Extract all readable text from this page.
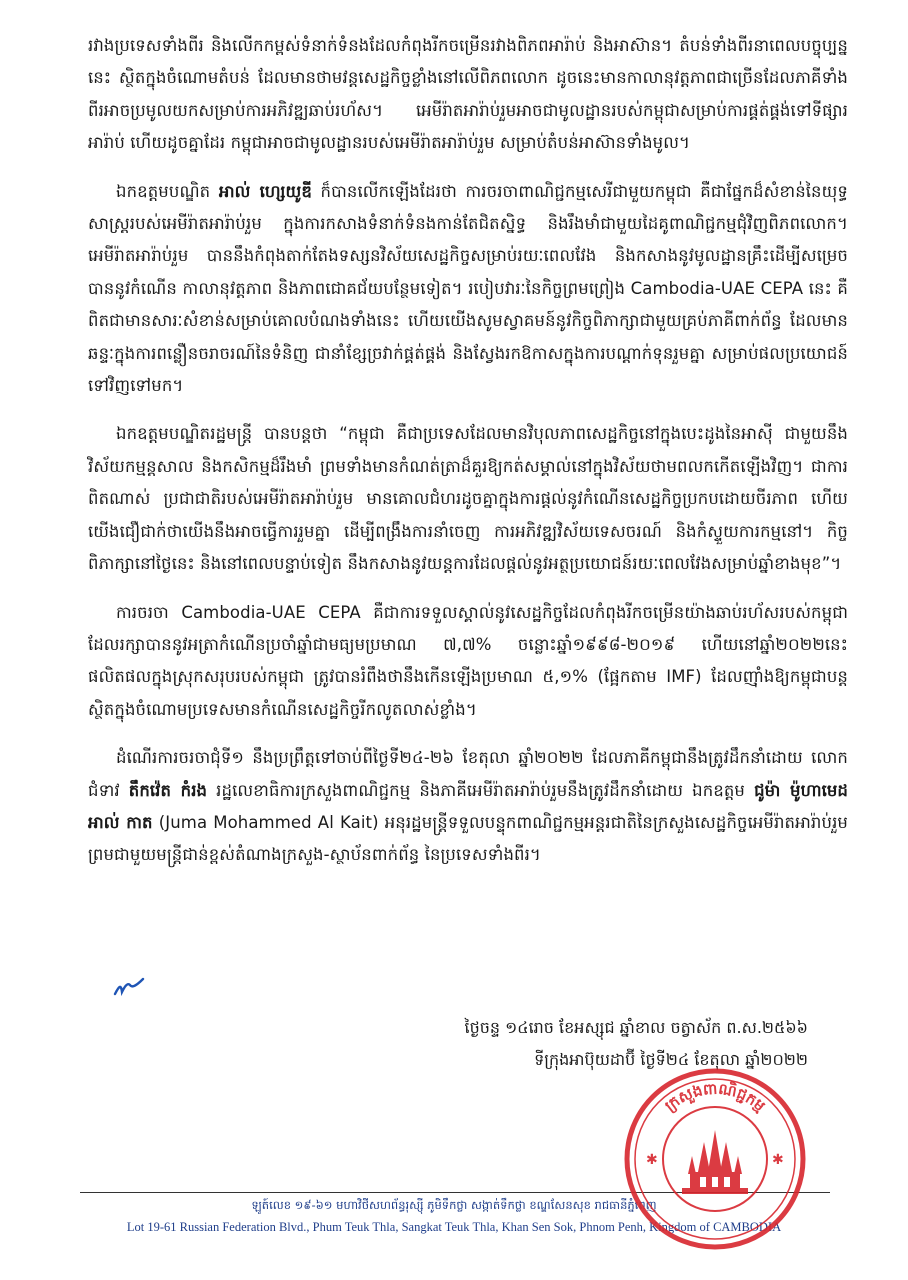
រវាងប្រទេសទាំងពីរ និងលើកកម្ពស់ទំនាក់ទំនងដែលកំពុងរីកចម្រើនរវាងពិភពអារ៉ាប់ និងអាស៊ាន។ តំបន់ទាំងពីរនាពេលបច្ចុប្បន្ននេះ ស្ថិតក្នុងចំណោមតំបន់ ដែលមានថាមវន្តសេដ្ឋកិច្ចខ្លាំងនៅលើពិភពលោក ដូចនេះមានកាលានុវត្តភាពជាច្រើនដែលភាគីទាំងពីរអាចប្រមូលយកសម្រាប់ការអភិវឌ្ឍឆាប់រហ័ស។ អេមីរ៉ាតអារ៉ាប់រួមអាចជាមូលដ្ឋានរបស់កម្ពុជាសម្រាប់ការផ្គត់ផ្គង់ទៅទីផ្សារអារ៉ាប់ ហើយដូចគ្នាដែរ កម្ពុជាអាចជាមូលដ្ឋានរបស់អេមីរ៉ាតអារ៉ាប់រួម សម្រាប់តំបន់អាស៊ានទាំងមូល។

ឯកឧត្តមបណ្ឌិត អាល់ ហ្សេយូឌី ក៏បានលើកឡើងដែរថា ការចរចាពាណិជ្ជកម្មសេរីជាមួយកម្ពុជា គឺជាផ្នែកដ៏សំខាន់នៃយុទ្ធសាស្ត្ររបស់អេមីរ៉ាតអារ៉ាប់រួម ក្នុងការកសាងទំនាក់ទំនងកាន់តែជិតស្និទ្ធ និងរឹងមាំជាមួយដៃគូពាណិជ្ជកម្មជុំវិញពិភពលោក។ អេមីរ៉ាតអារ៉ាប់រួម បាននឹងកំពុងតាក់តែងទស្សនវិស័យសេដ្ឋកិច្ចសម្រាប់រយៈពេលវែង និងកសាងនូវមូលដ្ឋានគ្រឹះដើម្បីសម្រេចបាននូវកំណើន កាលានុវត្តភាព និងភាពជោគជ័យបន្ថែមទៀត។ របៀបវារៈនៃកិច្ចព្រមព្រៀង Cambodia-UAE CEPA នេះ គឺពិតជាមានសារៈសំខាន់សម្រាប់គោលបំណងទាំងនេះ ហើយយើងសូមស្វាគមន៍នូវកិច្ចពិភាក្សាជាមួយគ្រប់ភាគីពាក់ព័ន្ធ ដែលមានឆន្ទៈក្នុងការពន្លឿនចរាចរណ៍នៃទំនិញ ជានាំខ្សែច្រវាក់ផ្គត់ផ្គង់ និងស្វែងរកឱកាសក្នុងការបណ្តាក់ទុនរួមគ្នា សម្រាប់ផលប្រយោជន៍ទៅវិញទៅមក។

ឯកឧត្តមបណ្ឌិតរដ្ឋមន្ត្រី បានបន្តថា “កម្ពុជា គឺជាប្រទេសដែលមានវិបុលភាពសេដ្ឋកិច្ចនៅក្នុងបេះដូងនៃអាស៊ី ជាមួយនឹងវិស័យកម្មន្តសាល និងកសិកម្មដ៏រឹងមាំ ព្រមទាំងមានកំណត់ត្រាដ៏គួរឱ្យកត់សម្គាល់នៅក្នុងវិស័យថាមពលកកើតឡើងវិញ។ ជាការពិតណាស់ ប្រជាជាតិរបស់អេមីរ៉ាតអារ៉ាប់រួម មានគោលជំហរដូចគ្នាក្នុងការផ្តល់នូវកំណើនសេដ្ឋកិច្ចប្រកបដោយចីរភាព ហើយយើងជឿជាក់ថាយើងនឹងអាចធ្វើការរួមគ្នា ដើម្បីពង្រឹងការនាំចេញ ការអភិវឌ្ឍវិស័យទេសចរណ៍ និងកំស្ទួយការកម្មនៅ។ កិច្ចពិភាក្សានៅថ្ងៃនេះ និងនៅពេលបន្ទាប់ទៀត នឹងកសាងនូវយន្តការដែលផ្តល់នូវអត្ថប្រយោជន៍រយៈពេលវែងសម្រាប់ឆ្នាំខាងមុខ”។

ការចរចា Cambodia-UAE CEPA គឺជាការទទួលស្គាល់នូវសេដ្ឋកិច្ចដែលកំពុងរីកចម្រើនយ៉ាងឆាប់រហ័សរបស់កម្ពុជាដែលរក្សាបាននូវអត្រាកំណើនប្រចាំឆ្នាំជាមធ្យមប្រមាណ ៧,៧% ចន្លោះឆ្នាំ១៩៩៨-២០១៩ ហើយនៅឆ្នាំ២០២២នេះ ផលិតផលក្នុងស្រុកសរុបរបស់កម្ពុជា ត្រូវបានរំពឹងថានឹងកើនឡើងប្រមាណ ៥,១% (ផ្អែកតាម IMF) ដែលញ៉ាំងឱ្យកម្ពុជាបន្តស្ថិតក្នុងចំណោមប្រទេសមានកំណើនសេដ្ឋកិច្ចរីកលូតលាស់ខ្លាំង។

ដំណើរការចរចាជុំទី១ នឹងប្រព្រឹត្តទៅចាប់ពីថ្ងៃទី២៤-២៦ ខែតុលា ឆ្នាំ២០២២ ដែលភាគីកម្ពុជានឹងត្រូវដឹកនាំដោយ លោកជំទាវ តឹកវ៉េត កំរង រដ្ឋលេខាធិការក្រសួងពាណិជ្ជកម្ម និងភាគីអេមីរ៉ាតអារ៉ាប់រួមនឹងត្រូវដឹកនាំដោយ ឯកឧត្តម ជូម៉ា ម៉ូហាមេដ អាល់ កាត (Juma Mohammed Al Kait) អនុរដ្ឋមន្ត្រីទទួលបន្ទុកពាណិជ្ជកម្មអន្តរជាតិនៃក្រសួងសេដ្ឋកិច្ចអេមីរ៉ាតអារ៉ាប់រួម ព្រមជាមួយមន្ត្រីជាន់ខ្ពស់តំណាងក្រសួង-ស្ថាប័នពាក់ព័ន្ធ នៃប្រទេសទាំងពីរ។

ថ្ងៃចន្ទ ១៤រោច ខែអស្សុជ ឆ្នាំខាល ចត្វាស័ក ព.ស.២៥៦៦
ទីក្រុងអាប៊ុយដាប៊ី ថ្ងៃទី២៤ ខែតុលា ឆ្នាំ២០២២
ឡូត៍លេខ ១៩-៦១ មហាវិថីសហព័ន្ធរុស្ស៊ី ភូមិទឹកថ្លា សង្កាត់ទឹកថ្លា ខណ្ឌសែនសុខ រាជធានីភ្នំពេញ
Lot 19-61 Russian Federation Blvd., Phum Teuk Thla, Sangkat Teuk Thla, Khan Sen Sok, Phnom Penh, Kingdom of CAMBODIA
ក្រសួងពាណិជ្ជកម្ម
✱	✱
